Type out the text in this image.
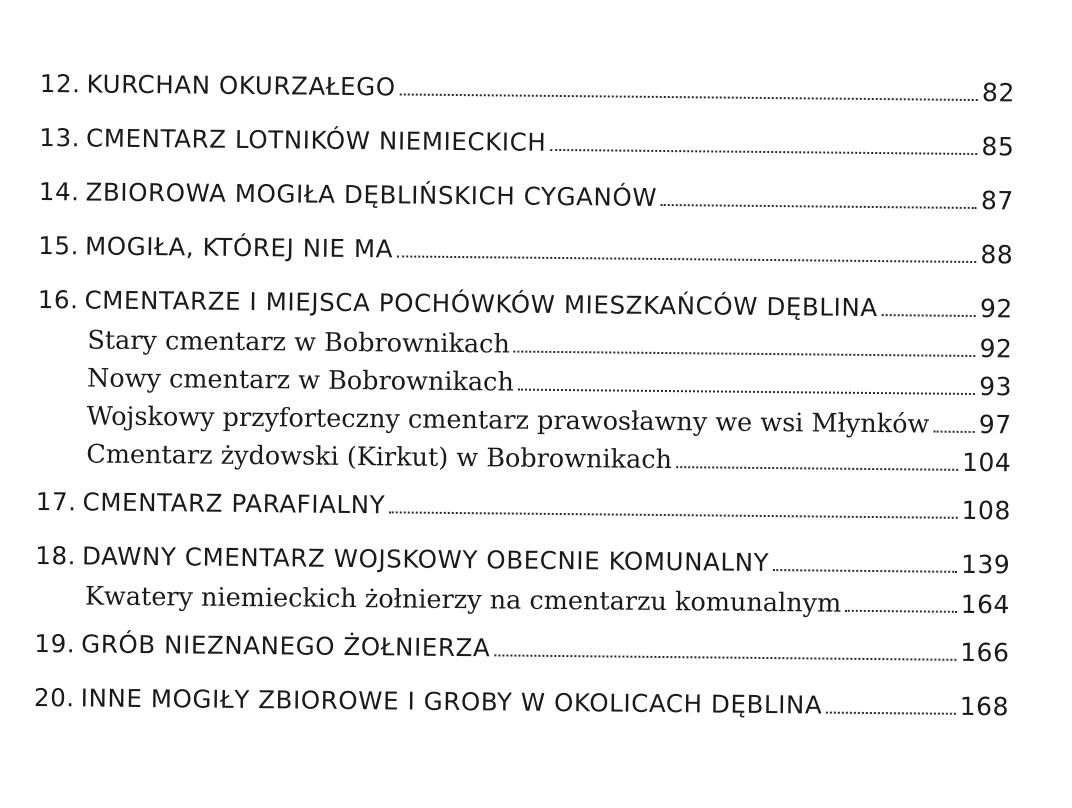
12. KURCHAN OKURZAŁEGO	82
13. CMENTARZ LOTNIKÓW NIEMIECKICH	85
14. ZBIOROWA MOGIŁA DĘBLIŃSKICH CYGANÓW	87
15. MOGIŁA, KTÓREJ NIE MA	88
16. CMENTARZE I MIEJSCA POCHÓWKÓW MIESZKAŃCÓW DĘBLINA	92
Stary cmentarz w Bobrownikach	92
Nowy cmentarz w Bobrownikach	93
Wojskowy przyforteczny cmentarz prawosławny we wsi Młynków 97
Cmentarz żydowski (Kirkut) w Bobrownikach	104
17. CMENTARZ PARAFIALNY	108
18. DAWNY CMENTARZ WOJSKOWY OBECNIE KOMUNALNY	139
Kwatery niemieckich żołnierzy na cmentarzu komunalnym	164
19. GRÓB NIEZNANEGO ŻOŁNIERZA	166
20. INNE MOGIŁY ZBIOROWE I GROBY W OKOLICACH DĘBLINA	168
